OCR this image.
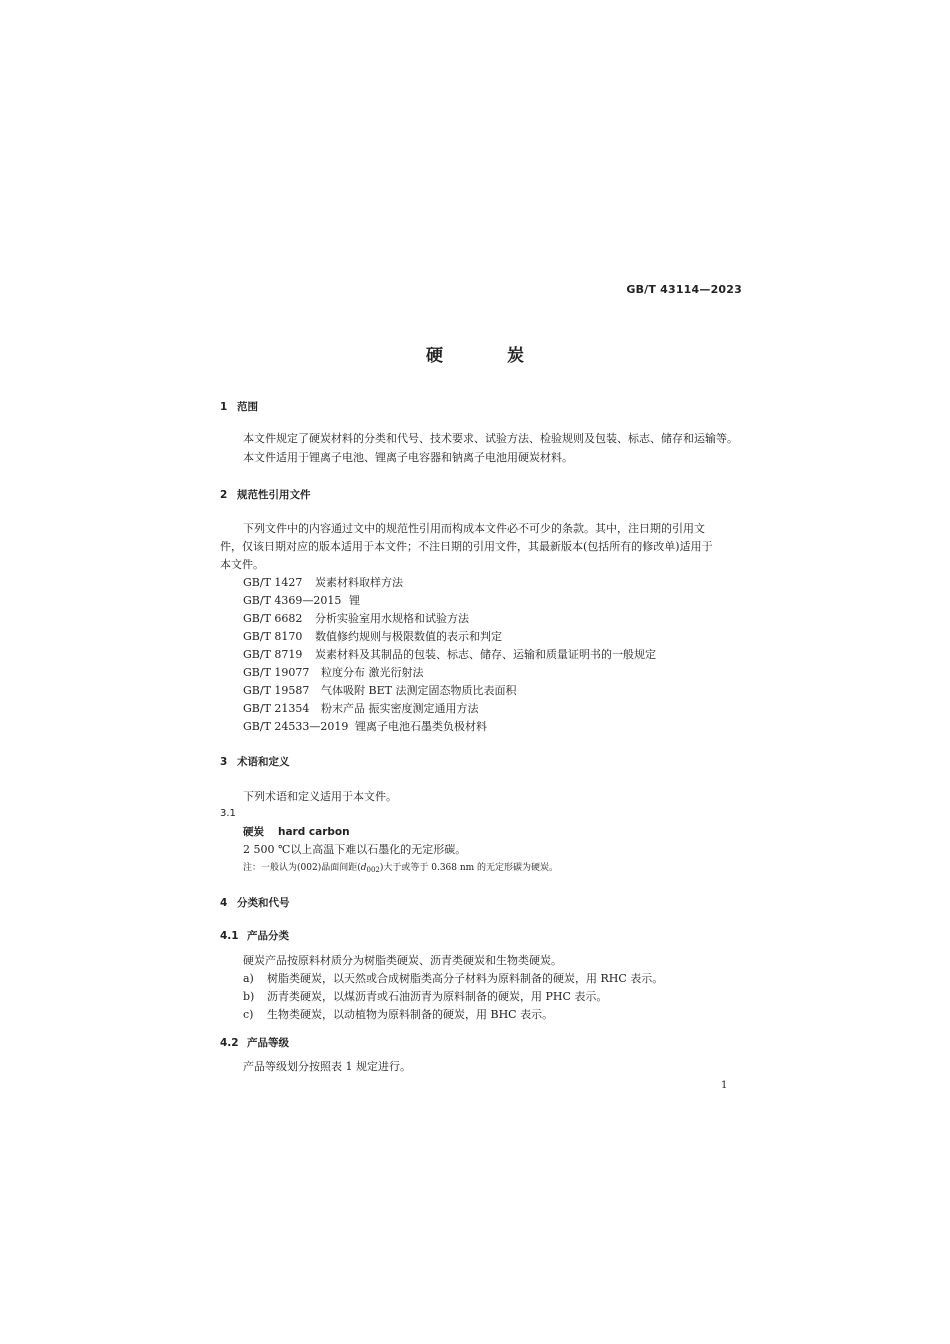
GB/T 43114—2023
硬炭
1 范围
本文件规定了硬炭材料的分类和代号、技术要求、试验方法、检验规则及包装、标志、储存和运输等。
本文件适用于锂离子电池、锂离子电容器和钠离子电池用硬炭材料。
2 规范性引用文件
下列文件中的内容通过文中的规范性引用而构成本文件必不可少的条款。其中，注日期的引用文
件，仅该日期对应的版本适用于本文件；不注日期的引用文件，其最新版本(包括所有的修改单)适用于
本文件。
GB/T 1427 炭素材料取样方法
GB/T 4369—2015 锂
GB/T 6682 分析实验室用水规格和试验方法
GB/T 8170 数值修约规则与极限数值的表示和判定
GB/T 8719 炭素材料及其制品的包装、标志、储存、运输和质量证明书的一般规定
GB/T 19077 粒度分布 激光衍射法
GB/T 19587 气体吸附 BET 法测定固态物质比表面积
GB/T 21354 粉末产品 振实密度测定通用方法
GB/T 24533—2019 锂离子电池石墨类负极材料
3 术语和定义
下列术语和定义适用于本文件。
3.1
硬炭 hard carbon
2 500 ℃以上高温下难以石墨化的无定形碳。
注：一般认为(002)晶面间距$(d_{002})$大于或等于 0.368 nm 的无定形碳为硬炭。
4 分类和代号
4.1 产品分类
硬炭产品按原料材质分为树脂类硬炭、沥青类硬炭和生物类硬炭。
a) 树脂类硬炭，以天然或合成树脂类高分子材料为原料制备的硬炭，用 RHC 表示。
b) 沥青类硬炭，以煤沥青或石油沥青为原料制备的硬炭，用 PHC 表示。
c) 生物类硬炭，以动植物为原料制备的硬炭，用 BHC 表示。
4.2 产品等级
产品等级划分按照表 1 规定进行。
1
